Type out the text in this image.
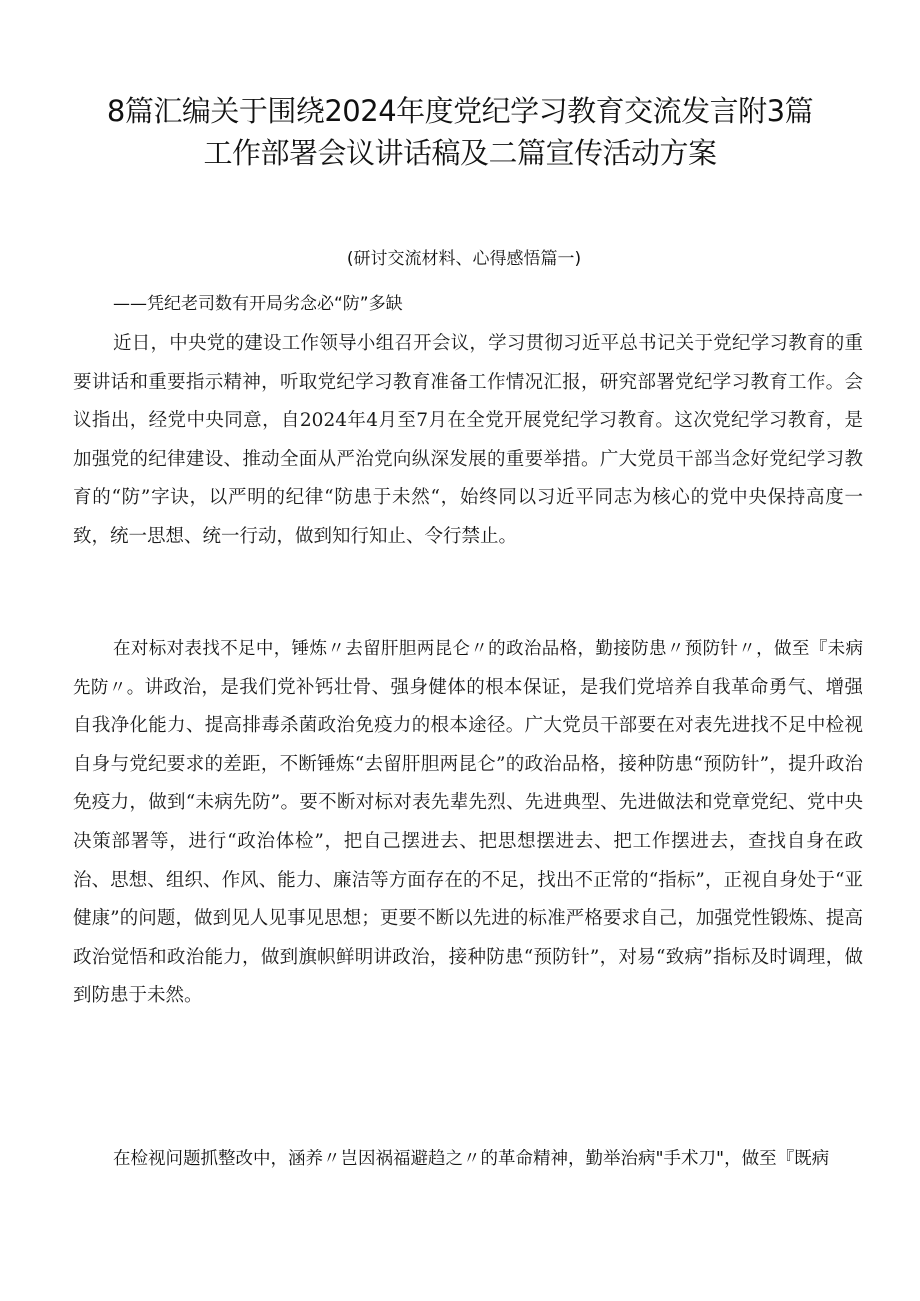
8篇汇编关于围绕2024年度党纪学习教育交流发言附3篇工作部署会议讲话稿及二篇宣传活动方案
(研讨交流材料、心得感悟篇一)
——凭纪老司数有开局劣念必“防”多缺

近日，中央党的建设工作领导小组召开会议，学习贯彻习近平总书记关于党纪学习教育的重要讲话和重要指示精神，听取党纪学习教育准备工作情况汇报，研究部署党纪学习教育工作。会议指出，经党中央同意，自2024年4月至7月在全党开展党纪学习教育。这次党纪学习教育，是加强党的纪律建设、推动全面从严治党向纵深发展的重要举措。广大党员干部当念好党纪学习教育的“防”字诀，以严明的纪律“防患于未然“，始终同以习近平同志为核心的党中央保持高度一致，统一思想、统一行动，做到知行知止、令行禁止。

在对标对表找不足中，锤炼〃去留肝胆两昆仑〃的政治品格，勤接防患〃预防针〃，做至『未病先防〃。讲政治，是我们党补钙壮骨、强身健体的根本保证，是我们党培养自我革命勇气、增强自我净化能力、提高排毒杀菌政治免疫力的根本途径。广大党员干部要在对表先进找不足中检视自身与党纪要求的差距，不断锤炼“去留肝胆两昆仑”的政治品格，接种防患“预防针”，提升政治免疫力，做到“未病先防”。要不断对标对表先辈先烈、先进典型、先进做法和党章党纪、党中央决策部署等，进行“政治体检”，把自己摆进去、把思想摆进去、把工作摆进去，查找自身在政治、思想、组织、作风、能力、廉洁等方面存在的不足，找出不正常的“指标”，正视自身处于“亚健康”的问题，做到见人见事见思想；更要不断以先进的标准严格要求自己，加强党性锻炼、提高政治觉悟和政治能力，做到旗帜鲜明讲政治，接种防患“预防针”，对易“致病”指标及时调理，做到防患于未然。

在检视问题抓整改中，涵养〃岂因祸福避趋之〃的革命精神，勤举治病"手术刀"，做至『既病
